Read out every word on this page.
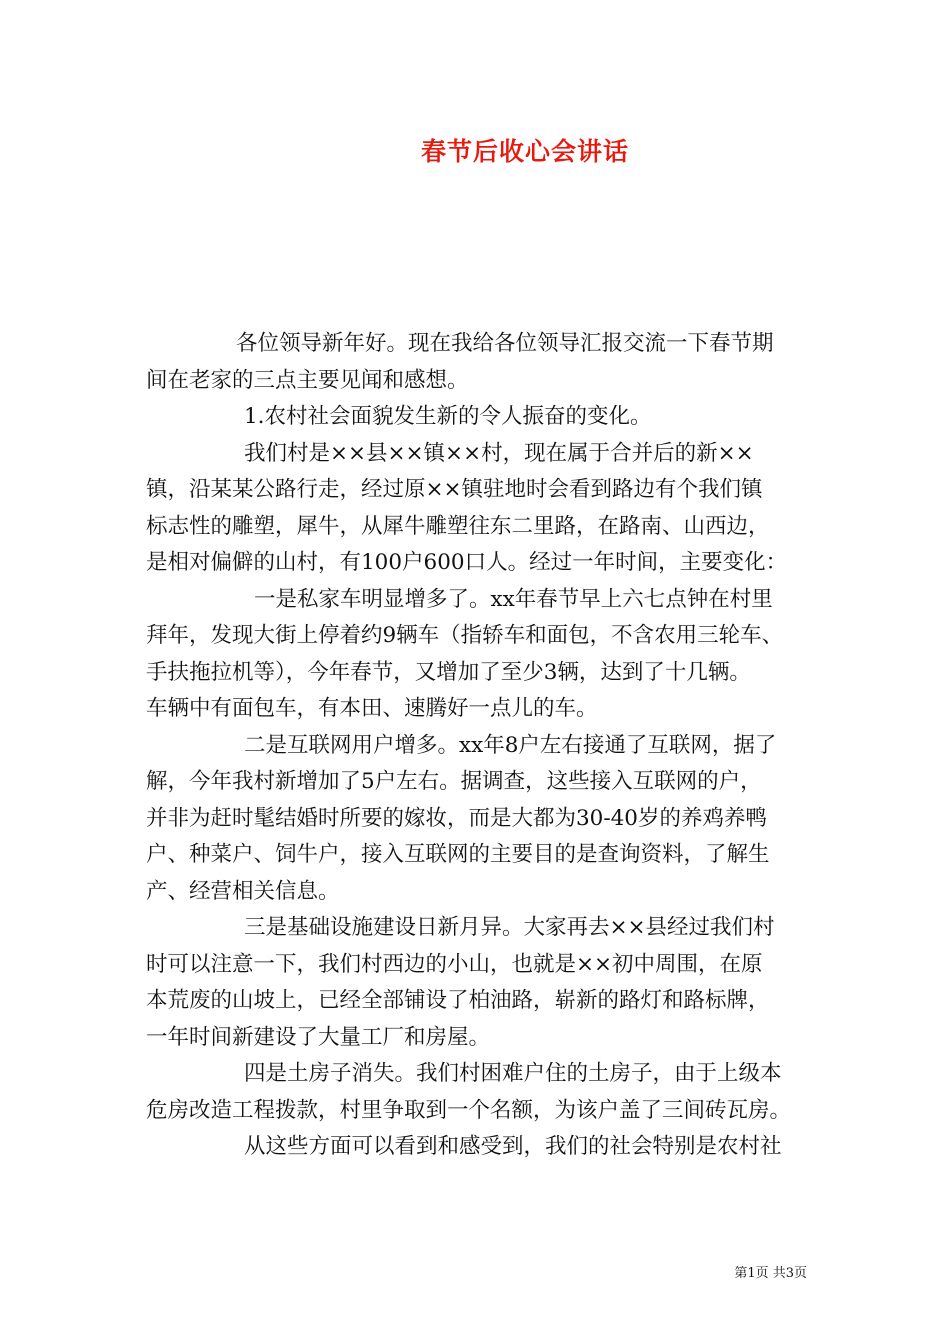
春节后收心会讲话
各位领导新年好。现在我给各位领导汇报交流一下春节期
间在老家的三点主要见闻和感想。
1.农村社会面貌发生新的令人振奋的变化。
我们村是××县××镇××村，现在属于合并后的新××
镇，沿某某公路行走，经过原××镇驻地时会看到路边有个我们镇
标志性的雕塑，犀牛，从犀牛雕塑往东二里路，在路南、山西边，
是相对偏僻的山村，有100户600口人。经过一年时间，主要变化：
一是私家车明显增多了。xx年春节早上六七点钟在村里
拜年，发现大街上停着约9辆车（指轿车和面包，不含农用三轮车、
手扶拖拉机等），今年春节，又增加了至少3辆，达到了十几辆。
车辆中有面包车，有本田、速腾好一点儿的车。
二是互联网用户增多。xx年8户左右接通了互联网，据了
解，今年我村新增加了5户左右。据调查，这些接入互联网的户，
并非为赶时髦结婚时所要的嫁妆，而是大都为30-40岁的养鸡养鸭
户、种菜户、饲牛户，接入互联网的主要目的是查询资料，了解生
产、经营相关信息。
三是基础设施建设日新月异。大家再去××县经过我们村
时可以注意一下，我们村西边的小山，也就是××初中周围，在原
本荒废的山坡上，已经全部铺设了柏油路，崭新的路灯和路标牌，
一年时间新建设了大量工厂和房屋。
四是土房子消失。我们村困难户住的土房子，由于上级本
危房改造工程拨款，村里争取到一个名额，为该户盖了三间砖瓦房。
从这些方面可以看到和感受到，我们的社会特别是农村社
第1页 共3页
